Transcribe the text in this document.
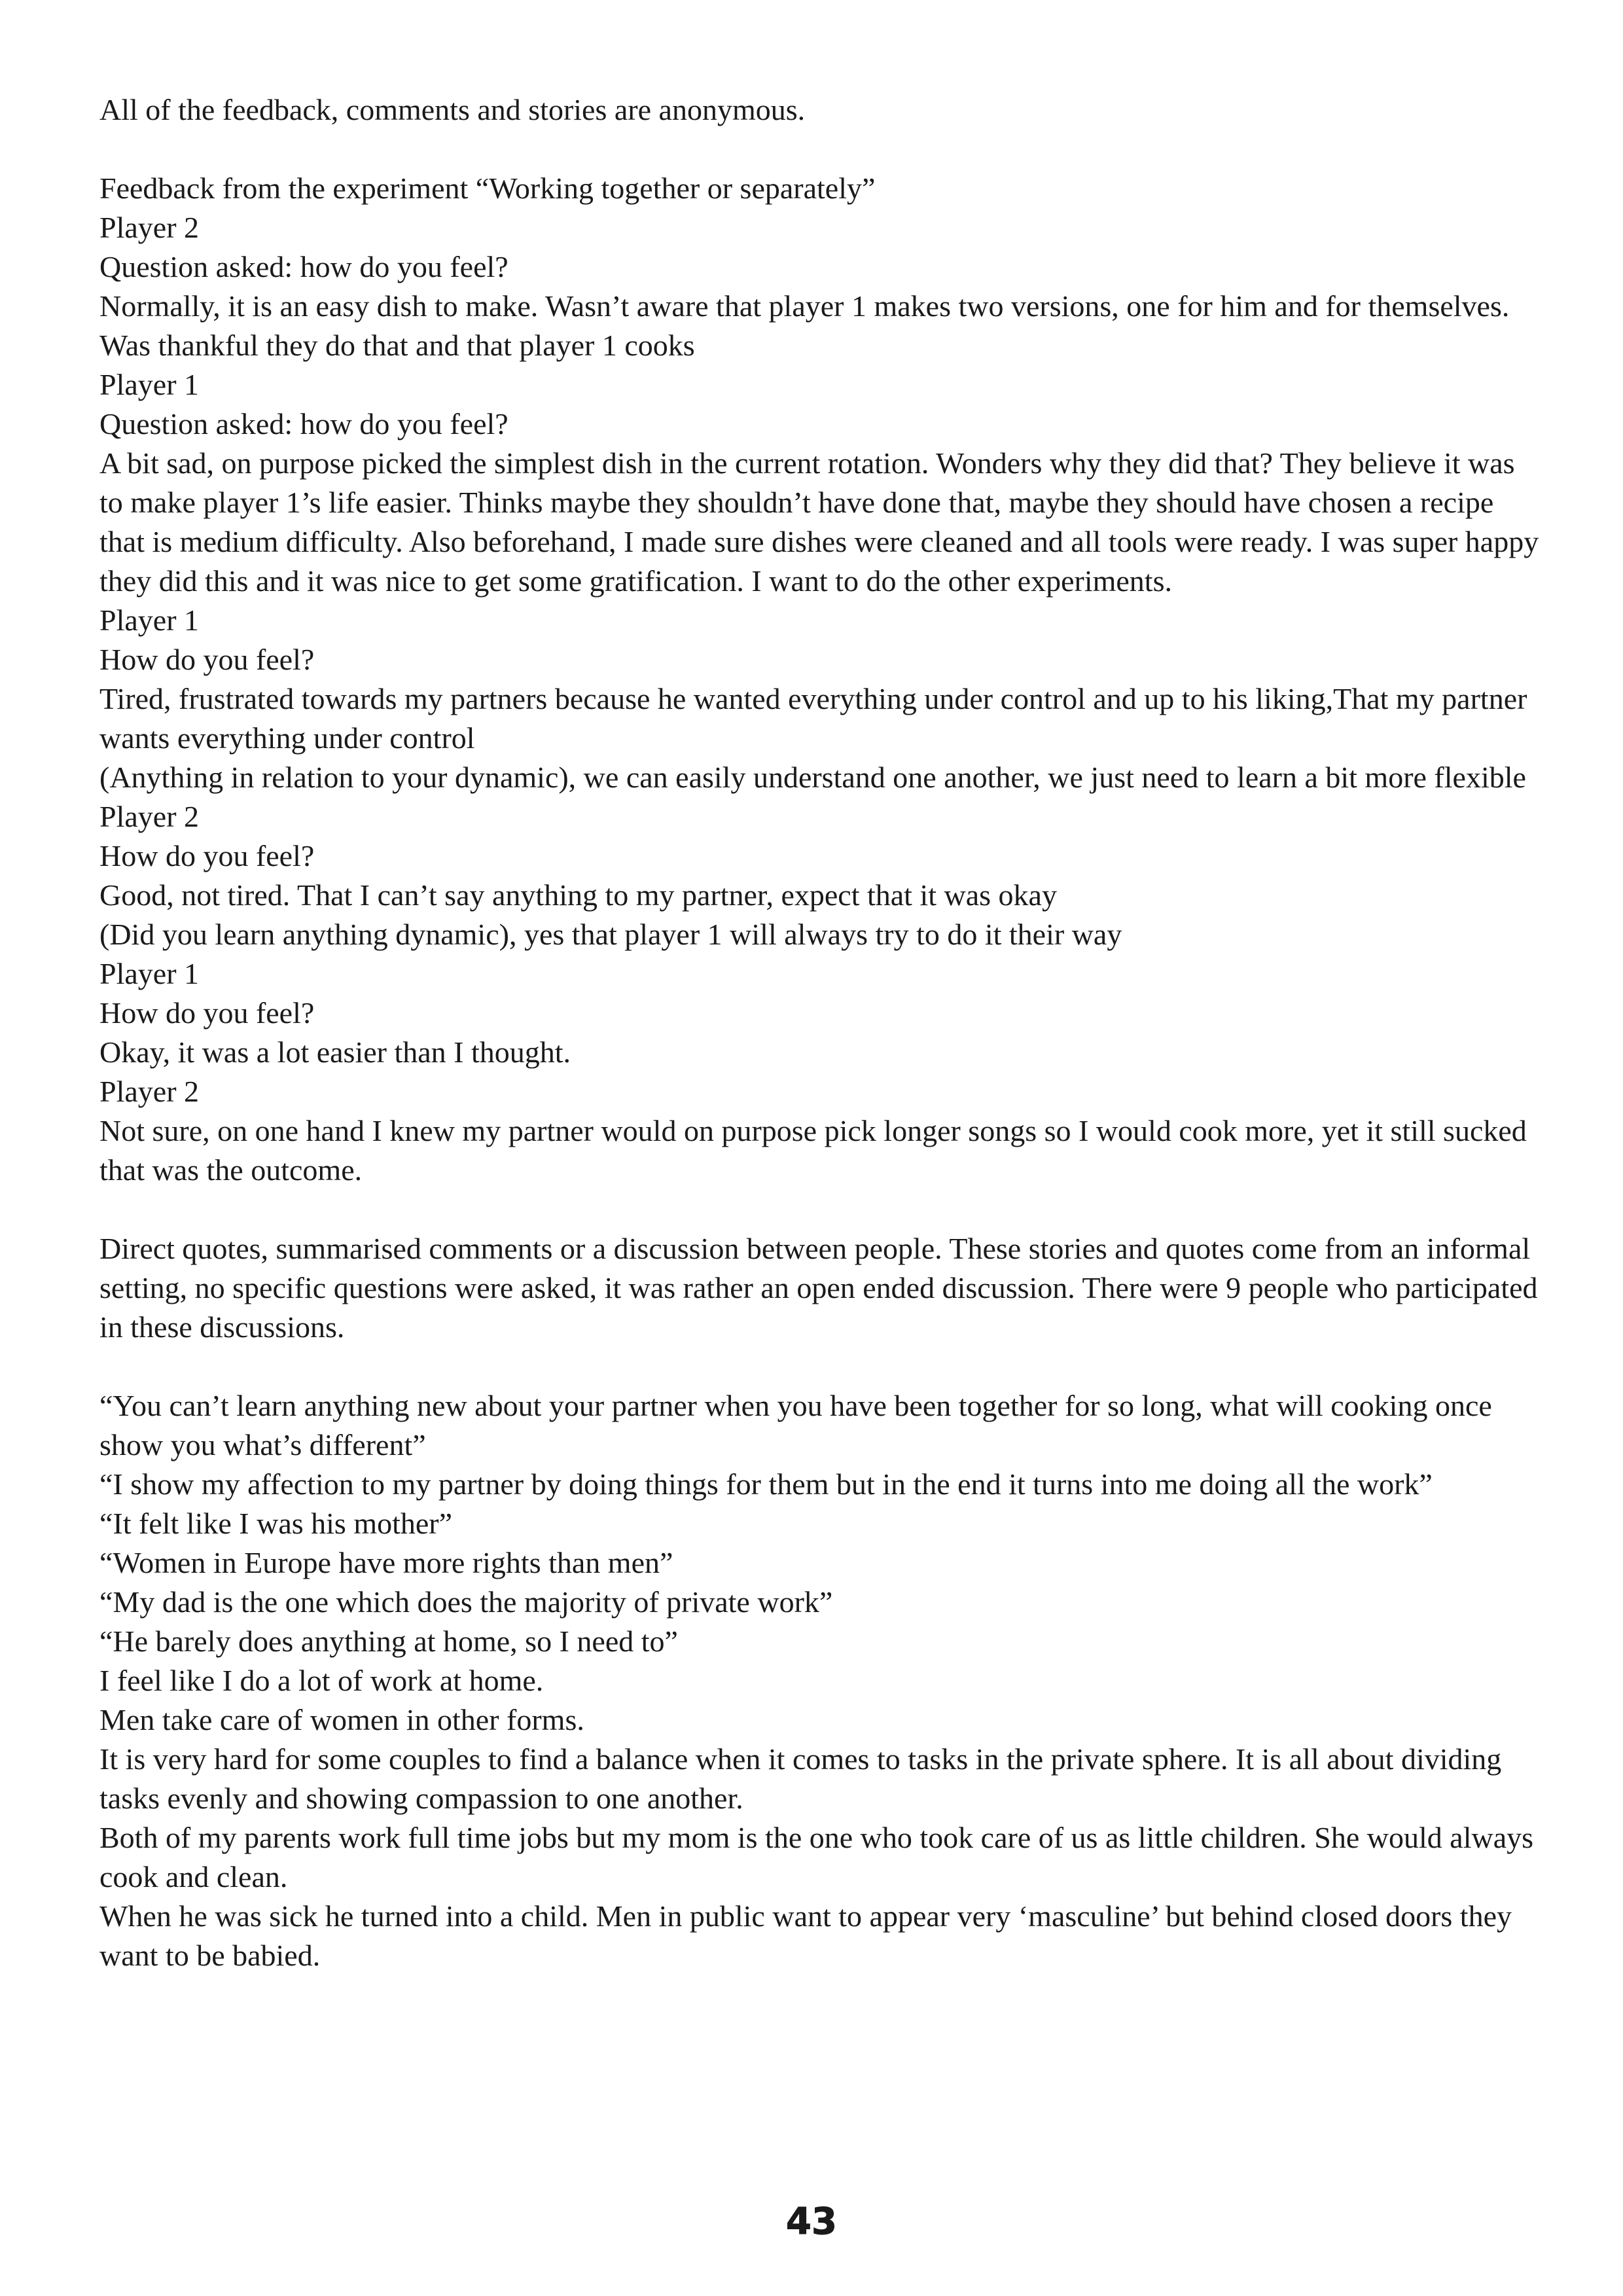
All of the feedback, comments and stories are anonymous.

Feedback from the experiment “Working together or separately”

Player 2

Question asked: how do you feel?

Normally, it is an easy dish to make. Wasn’t aware that player 1 makes two versions, one for him and for themselves. Was thankful they do that and that player 1 cooks

Player 1

Question asked: how do you feel?

A bit sad, on purpose picked the simplest dish in the current rotation. Wonders why they did that? They believe it was to make player 1’s life easier. Thinks maybe they shouldn’t have done that, maybe they should have chosen a recipe that is medium difficulty. Also beforehand, I made sure dishes were cleaned and all tools were ready. I was super happy they did this and it was nice to get some gratification. I want to do the other experiments.

Player 1

How do you feel?

Tired, frustrated towards my partners because he wanted everything under control and up to his liking,That my partner wants everything under control

(Anything in relation to your dynamic), we can easily understand one another, we just need to learn a bit more flexible

Player 2

How do you feel?

Good, not tired. That I can’t say anything to my partner, expect that it was okay

(Did you learn anything dynamic), yes that player 1 will always try to do it their way

Player 1

How do you feel?

Okay, it was a lot easier than I thought.

Player 2

Not sure, on one hand I knew my partner would on purpose pick longer songs so I would cook more, yet it still sucked that was the outcome.

Direct quotes, summarised comments or a discussion between people. These stories and quotes come from an informal setting, no specific questions were asked, it was rather an open ended discussion. There were 9 people who participated in these discussions.

“You can’t learn anything new about your partner when you have been together for so long, what will cooking once show you what’s different”

“I show my affection to my partner by doing things for them but in the end it turns into me doing all the work”

“It felt like I was his mother”

“Women in Europe have more rights than men”

“My dad is the one which does the majority of private work”

“He barely does anything at home, so I need to”

I feel like I do a lot of work at home.

Men take care of women in other forms.

It is very hard for some couples to find a balance when it comes to tasks in the private sphere. It is all about dividing tasks evenly and showing compassion to one another.

Both of my parents work full time jobs but my mom is the one who took care of us as little children. She would always cook and clean.

When he was sick he turned into a child. Men in public want to appear very ‘masculine’ but behind closed doors they want to be babied.

43
